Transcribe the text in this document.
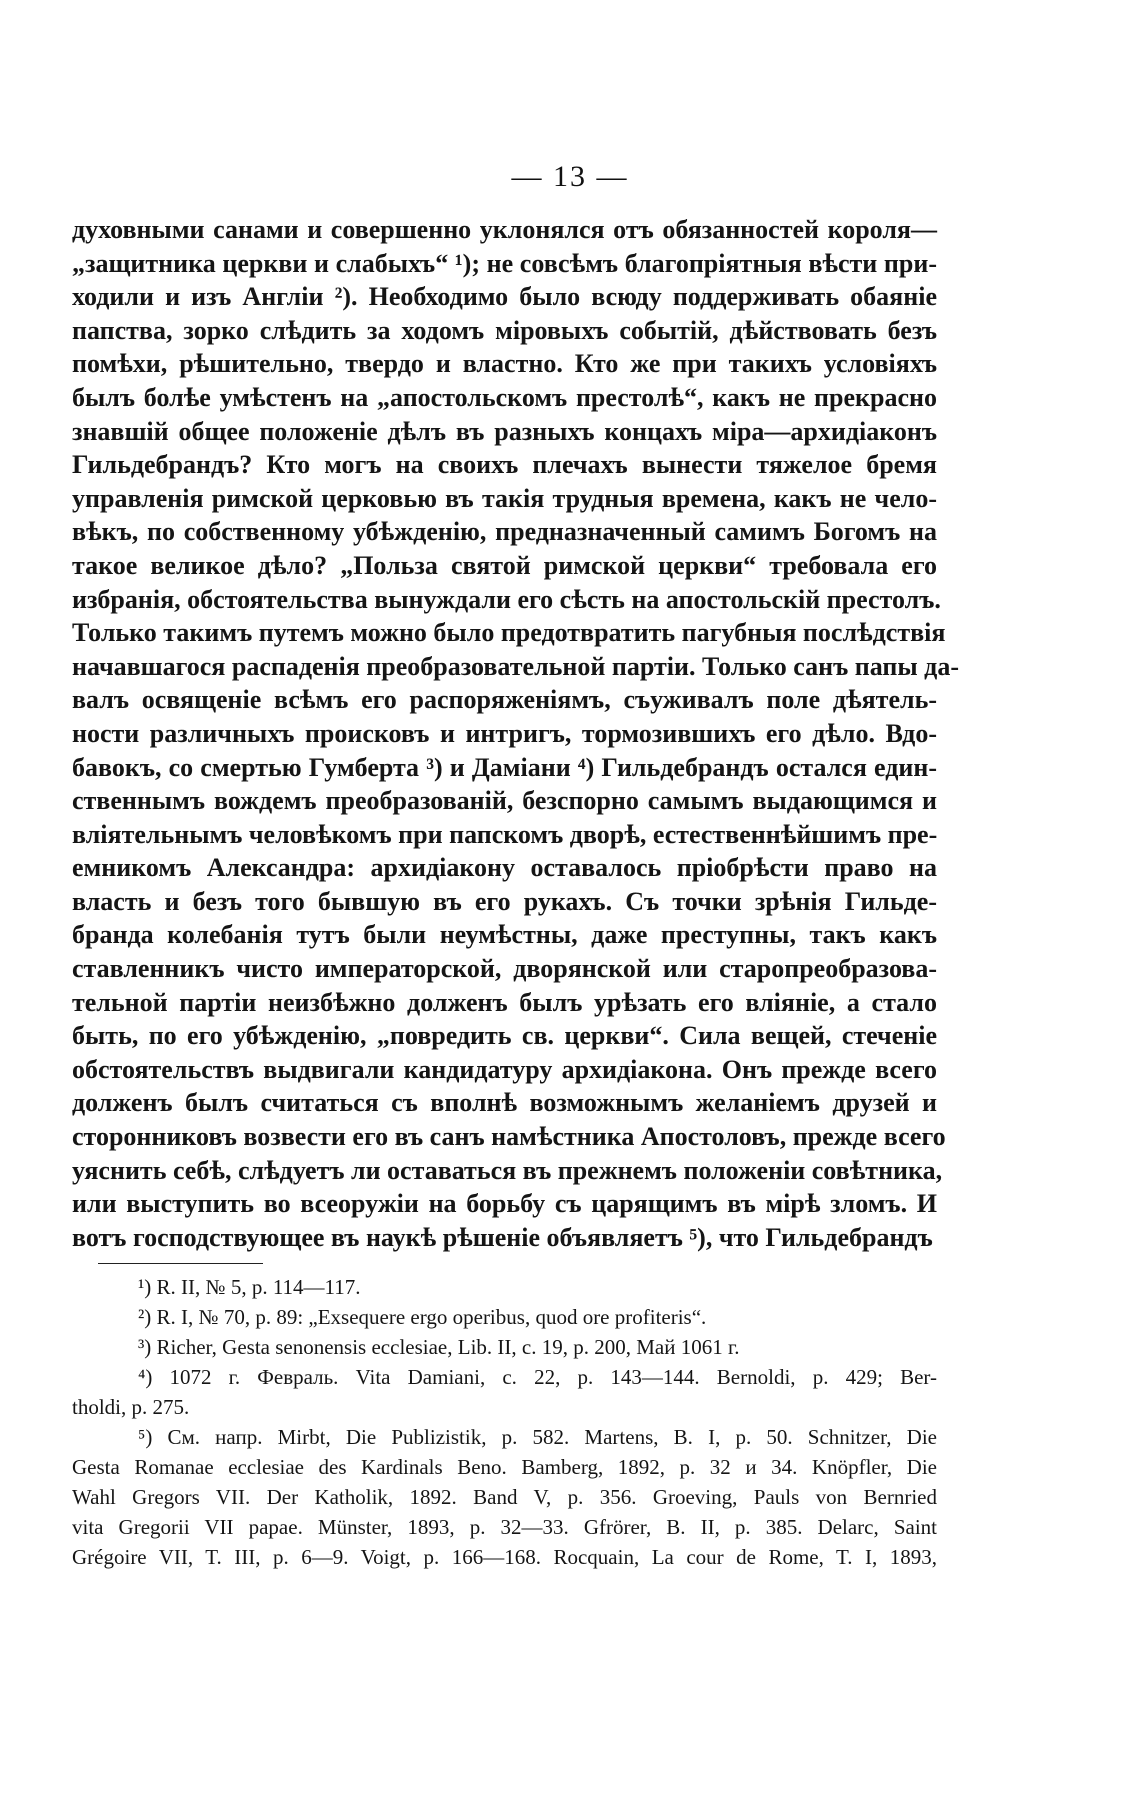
— 13 —
духовными санами и совершенно уклонялся отъ обязанностей короля—
„защитника церкви и слабыхъ“ ¹); не совсѣмъ благопріятныя вѣсти при-
ходили и изъ Англіи ²). Необходимо было всюду поддерживать обаяніе
папства, зорко слѣдить за ходомъ міровыхъ событій, дѣйствовать безъ
помѣхи, рѣшительно, твердо и властно. Кто же при такихъ условіяхъ
былъ болѣе умѣстенъ на „апостольскомъ престолѣ“, какъ не прекрасно
знавшій общее положеніе дѣлъ въ разныхъ концахъ міра—архидіаконъ
Гильдебрандъ? Кто могъ на своихъ плечахъ вынести тяжелое бремя
управленія римской церковью въ такія трудныя времена, какъ не чело-
вѣкъ, по собственному убѣжденію, предназначенный самимъ Богомъ на
такое великое дѣло? „Польза святой римской церкви“ требовала его
избранія, обстоятельства вынуждали его сѣсть на апостольскій престолъ.
Только такимъ путемъ можно было предотвратить пагубныя послѣдствія
начавшагося распаденія преобразовательной партіи. Только санъ папы да-
валъ освященіе всѣмъ его распоряженіямъ, съуживалъ поле дѣятель-
ности различныхъ происковъ и интригъ, тормозившихъ его дѣло. Вдо-
бавокъ, со смертью Гумберта ³) и Даміани ⁴) Гильдебрандъ остался един-
ственнымъ вождемъ преобразованій, безспорно самымъ выдающимся и
вліятельнымъ человѣкомъ при папскомъ дворѣ, естественнѣйшимъ пре-
емникомъ Александра: архидіакону оставалось пріобрѣсти право на
власть и безъ того бывшую въ его рукахъ. Съ точки зрѣнія Гильде-
бранда колебанія тутъ были неумѣстны, даже преступны, такъ какъ
ставленникъ чисто императорской, дворянской или старопреобразова-
тельной партіи неизбѣжно долженъ былъ урѣзать его вліяніе, а стало
быть, по его убѣжденію, „повредить св. церкви“. Сила вещей, стеченіе
обстоятельствъ выдвигали кандидатуру архидіакона. Онъ прежде всего
долженъ былъ считаться съ вполнѣ возможнымъ желаніемъ друзей и
сторонниковъ возвести его въ санъ намѣстника Апостоловъ, прежде всего
уяснить себѣ, слѣдуетъ ли оставаться въ прежнемъ положеніи совѣтника,
или выступить во всеоружіи на борьбу съ царящимъ въ мірѣ зломъ. И
вотъ господствующее въ наукѣ рѣшеніе объявляетъ ⁵), что Гильдебрандъ
¹) R. II, № 5, p. 114—117.
²) R. I, № 70, p. 89: „Exsequere ergo operibus, quod ore profiteris“.
³) Richer, Gesta senonensis ecclesiae, Lib. II, c. 19, p. 200, Май 1061 г.
⁴) 1072 г. Февраль. Vita Damiani, c. 22, p. 143—144. Bernoldi, p. 429; Ber-
tholdi, p. 275.
⁵) См. напр. Mirbt, Die Publizistik, p. 582. Martens, B. I, p. 50. Schnitzer, Die
Gesta Romanae ecclesiae des Kardinals Beno. Bamberg, 1892, p. 32 и 34. Knöpfler, Die
Wahl Gregors VII. Der Katholik, 1892. Band V, p. 356. Groeving, Pauls von Bernried
vita Gregorii VII papae. Münster, 1893, p. 32—33. Gfrörer, B. II, p. 385. Delarc, Saint
Grégoire VII, T. III, p. 6—9. Voigt, p. 166—168. Rocquain, La cour de Rome, T. I, 1893,
